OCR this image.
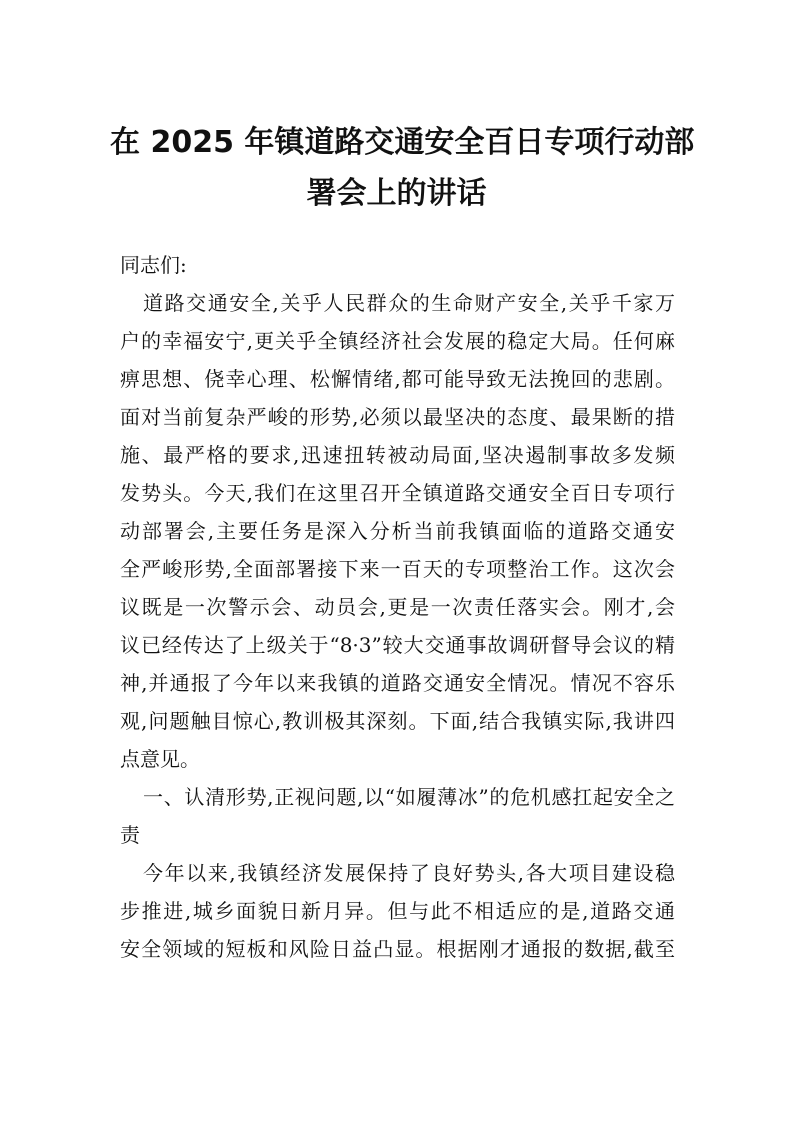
在 2025 年镇道路交通安全百日专项行动部
署会上的讲话
同志们:
道路交通安全,关乎人民群众的生命财产安全,关乎千家万
户的幸福安宁,更关乎全镇经济社会发展的稳定大局。任何麻
痹思想、侥幸心理、松懈情绪,都可能导致无法挽回的悲剧。
面对当前复杂严峻的形势,必须以最坚决的态度、最果断的措
施、最严格的要求,迅速扭转被动局面,坚决遏制事故多发频
发势头。今天,我们在这里召开全镇道路交通安全百日专项行
动部署会,主要任务是深入分析当前我镇面临的道路交通安
全严峻形势,全面部署接下来一百天的专项整治工作。这次会
议既是一次警示会、动员会,更是一次责任落实会。刚才,会
议已经传达了上级关于“8·3”较大交通事故调研督导会议的精
神,并通报了今年以来我镇的道路交通安全情况。情况不容乐
观,问题触目惊心,教训极其深刻。下面,结合我镇实际,我讲四
点意见。
一、认清形势,正视问题,以“如履薄冰”的危机感扛起安全之
责
今年以来,我镇经济发展保持了良好势头,各大项目建设稳
步推进,城乡面貌日新月异。但与此不相适应的是,道路交通
安全领域的短板和风险日益凸显。根据刚才通报的数据,截至
